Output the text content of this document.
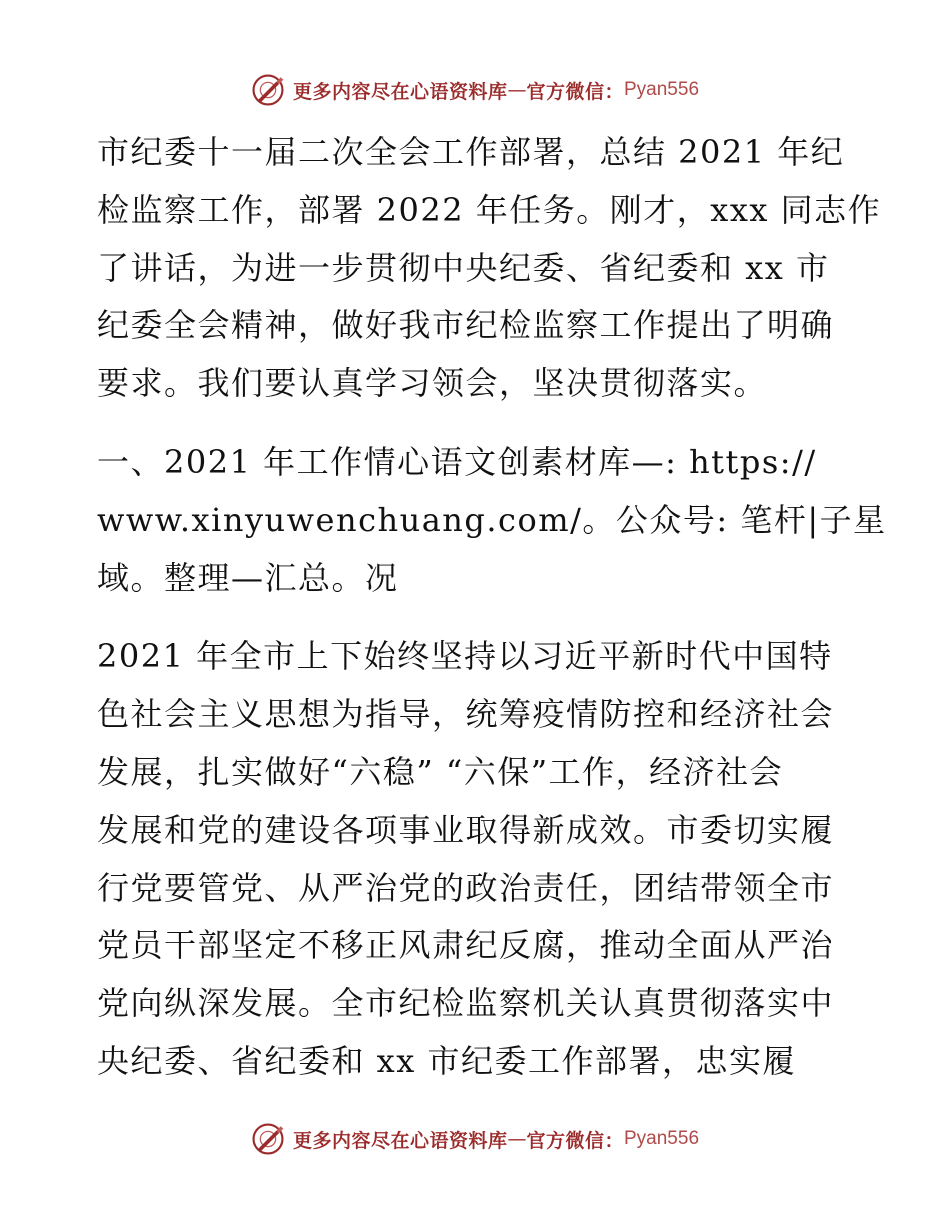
更多内容尽在心语资料库 — 官方微信： Pyan556

市纪委十一届二次全会工作部署，总结 2021 年纪

检监察工作，部署 2022 年任务。刚才，xxx 同志作

了讲话，为进一步贯彻中央纪委、省纪委和 xx 市

纪委全会精神，做好我市纪检监察工作提出了明确

要求。我们要认真学习领会，坚决贯彻落实。

一、2021 年工作情心语文创素材库—: https://

www.xinyuwenchuang.com/。公众号: 笔杆|子星

域。整理—汇总。况

2021 年全市上下始终坚持以习近平新时代中国特

色社会主义思想为指导，统筹疫情防控和经济社会

发展，扎实做好“六稳” “六保”工作，经济社会

发展和党的建设各项事业取得新成效。市委切实履

行党要管党、从严治党的政治责任，团结带领全市

党员干部坚定不移正风肃纪反腐，推动全面从严治

党向纵深发展。全市纪检监察机关认真贯彻落实中

央纪委、省纪委和 xx 市纪委工作部署，忠实履

更多内容尽在心语资料库 — 官方微信： Pyan556
